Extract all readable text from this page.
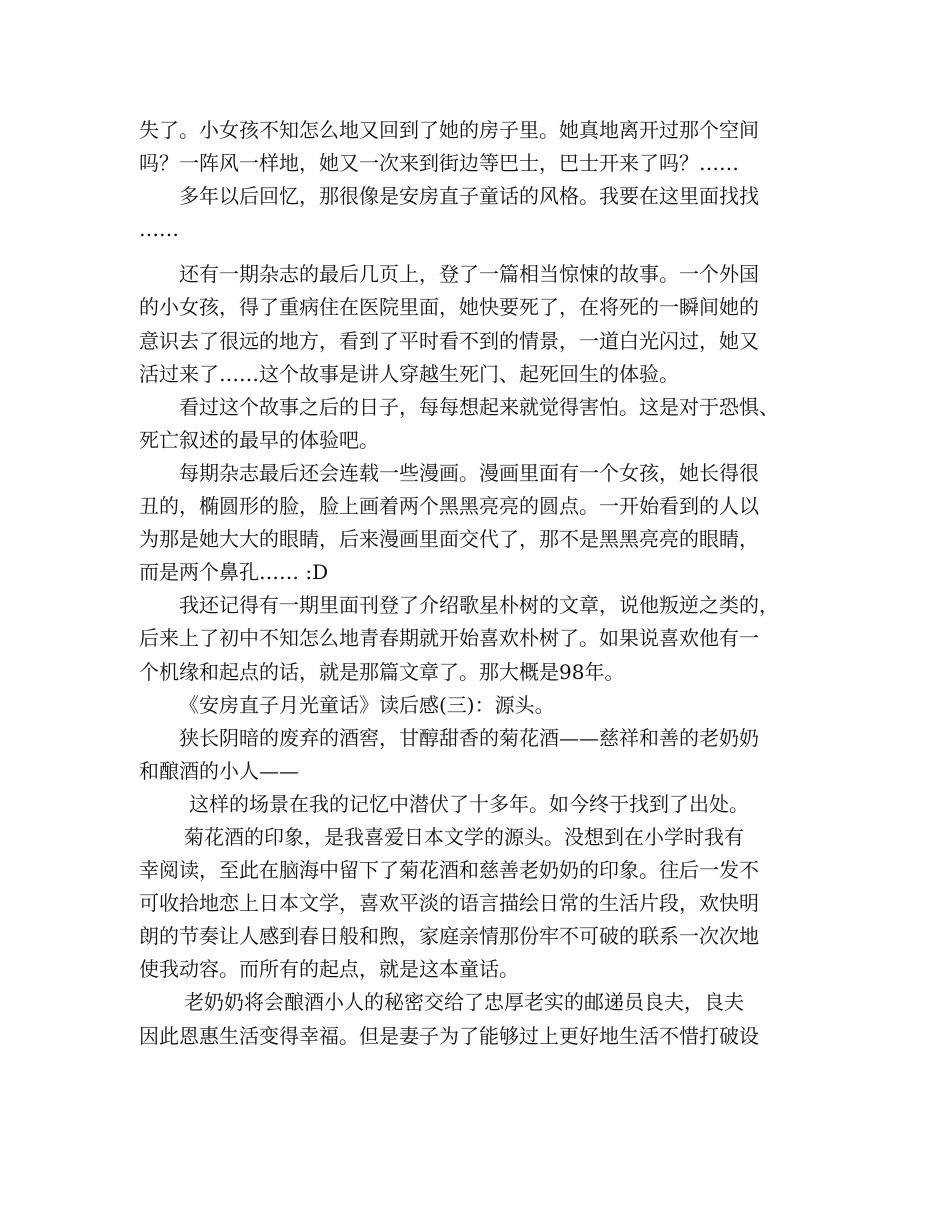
失了。小女孩不知怎么地又回到了她的房子里。她真地离开过那个空间
吗？一阵风一样地，她又一次来到街边等巴士，巴士开来了吗？……
多年以后回忆，那很像是安房直子童话的风格。我要在这里面找找
……
还有一期杂志的最后几页上，登了一篇相当惊悚的故事。一个外国
的小女孩，得了重病住在医院里面，她快要死了，在将死的一瞬间她的
意识去了很远的地方，看到了平时看不到的情景，一道白光闪过，她又
活过来了……这个故事是讲人穿越生死门、起死回生的体验。
看过这个故事之后的日子，每每想起来就觉得害怕。这是对于恐惧、
死亡叙述的最早的体验吧。
每期杂志最后还会连载一些漫画。漫画里面有一个女孩，她长得很
丑的，椭圆形的脸，脸上画着两个黑黑亮亮的圆点。一开始看到的人以
为那是她大大的眼睛，后来漫画里面交代了，那不是黑黑亮亮的眼睛，
而是两个鼻孔…… :D
我还记得有一期里面刊登了介绍歌星朴树的文章，说他叛逆之类的，
后来上了初中不知怎么地青春期就开始喜欢朴树了。如果说喜欢他有一
个机缘和起点的话，就是那篇文章了。那大概是98年。
《安房直子月光童话》读后感(三)：源头。
狭长阴暗的废弃的酒窖，甘醇甜香的菊花酒——慈祥和善的老奶奶
和酿酒的小人——
这样的场景在我的记忆中潜伏了十多年。如今终于找到了出处。
菊花酒的印象，是我喜爱日本文学的源头。没想到在小学时我有
幸阅读，至此在脑海中留下了菊花酒和慈善老奶奶的印象。往后一发不
可收拾地恋上日本文学，喜欢平淡的语言描绘日常的生活片段，欢快明
朗的节奏让人感到春日般和煦，家庭亲情那份牢不可破的联系一次次地
使我动容。而所有的起点，就是这本童话。
老奶奶将会酿酒小人的秘密交给了忠厚老实的邮递员良夫，良夫
因此恩惠生活变得幸福。但是妻子为了能够过上更好地生活不惜打破设
